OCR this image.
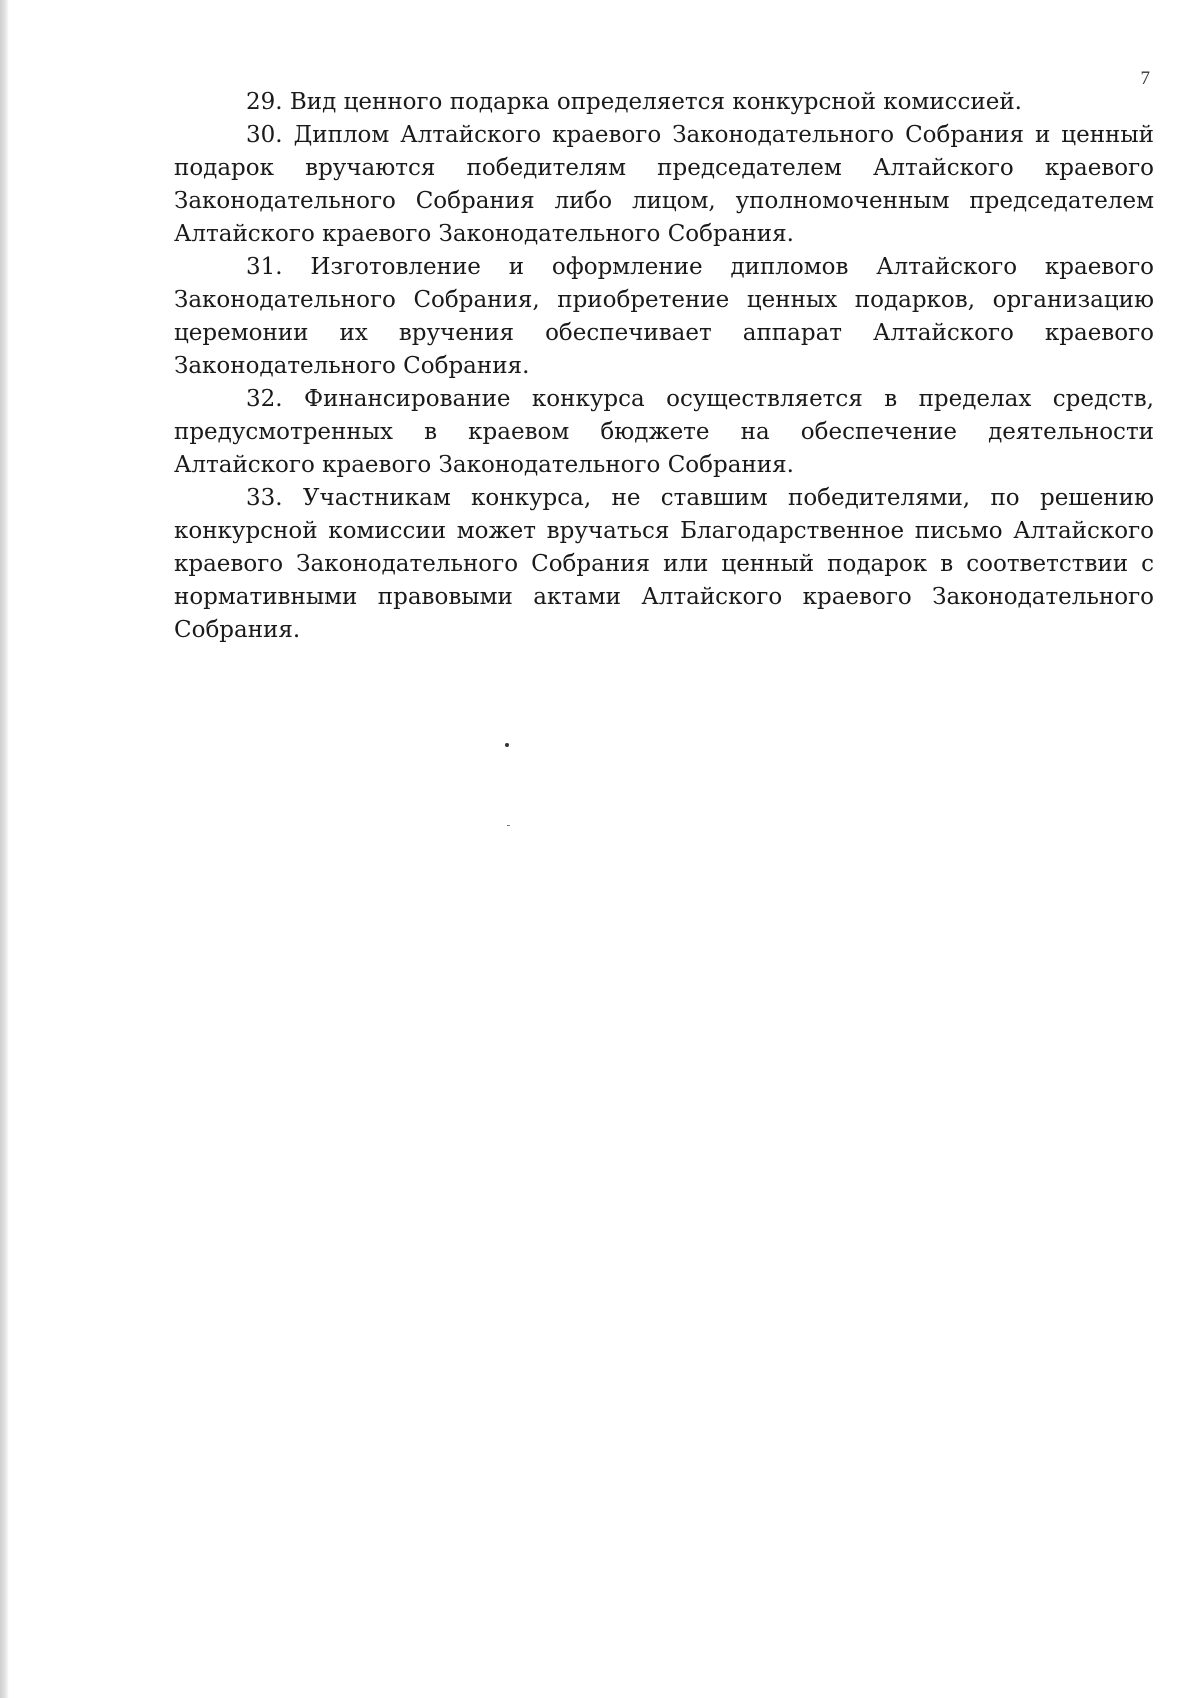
7

29. Вид ценного подарка определяется конкурсной комиссией.

30. Диплом Алтайского краевого Законодательного Собрания и ценный подарок вручаются победителям председателем Алтайского краевого Законодательного Собрания либо лицом, уполномоченным председателем Алтайского краевого Законодательного Собрания.

31. Изготовление и оформление дипломов Алтайского краевого Законодательного Собрания, приобретение ценных подарков, организацию церемонии их вручения обеспечивает аппарат Алтайского краевого Законодательного Собрания.

32. Финансирование конкурса осуществляется в пределах средств, предусмотренных в краевом бюджете на обеспечение деятельности Алтайского краевого Законодательного Собрания.

33. Участникам конкурса, не ставшим победителями, по решению конкурсной комиссии может вручаться Благодарственное письмо Алтайского краевого Законодательного Собрания или ценный подарок в соответствии с нормативными правовыми актами Алтайского краевого Законодательного Собрания.
